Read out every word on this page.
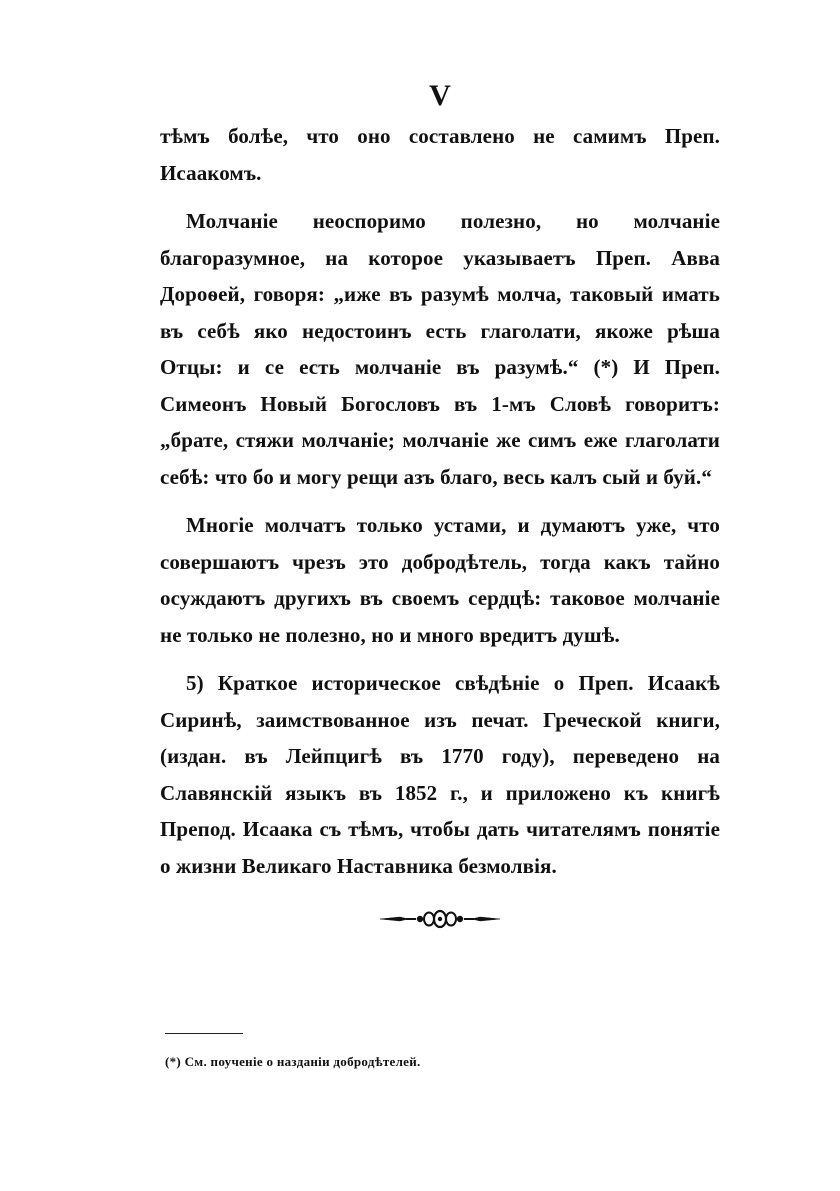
V

тѣмъ болѣе, что оно составлено не самимъ Преп. Исаакомъ.

Молчаніе неоспоримо полезно, но молчаніе благоразумное, на которое указываетъ Преп. Авва Дороѳей, говоря: „иже въ разумѣ молча, таковый имать въ себѣ яко недостоинъ есть глаголати, якоже рѣша Отцы: и се есть молчаніе въ разумѣ.“ (*) И Преп. Симеонъ Новый Богословъ въ 1-мъ Словѣ говоритъ: „брате, стяжи молчаніе; молчаніе же симъ еже глаголати себѣ: что бо и могу рещи азъ благо, весь калъ сый и буй.“

Многіе молчатъ только устами, и думаютъ уже, что совершаютъ чрезъ это добродѣтель, тогда какъ тайно осуждаютъ другихъ въ своемъ сердцѣ: таковое молчаніе не только не полезно, но и много вредитъ душѣ.

5) Краткое историческое свѣдѣніе о Преп. Исаакѣ Сиринѣ, заимствованное изъ печат. Греческой книги, (издан. въ Лейпцигѣ въ 1770 году), переведено на Славянскій языкъ въ 1852 г., и приложено къ книгѣ Препод. Исаака съ тѣмъ, чтобы дать читателямъ понятіе о жизни Великаго Наставника безмолвія.

(*) См. поученіе о назданіи добродѣтелей.
